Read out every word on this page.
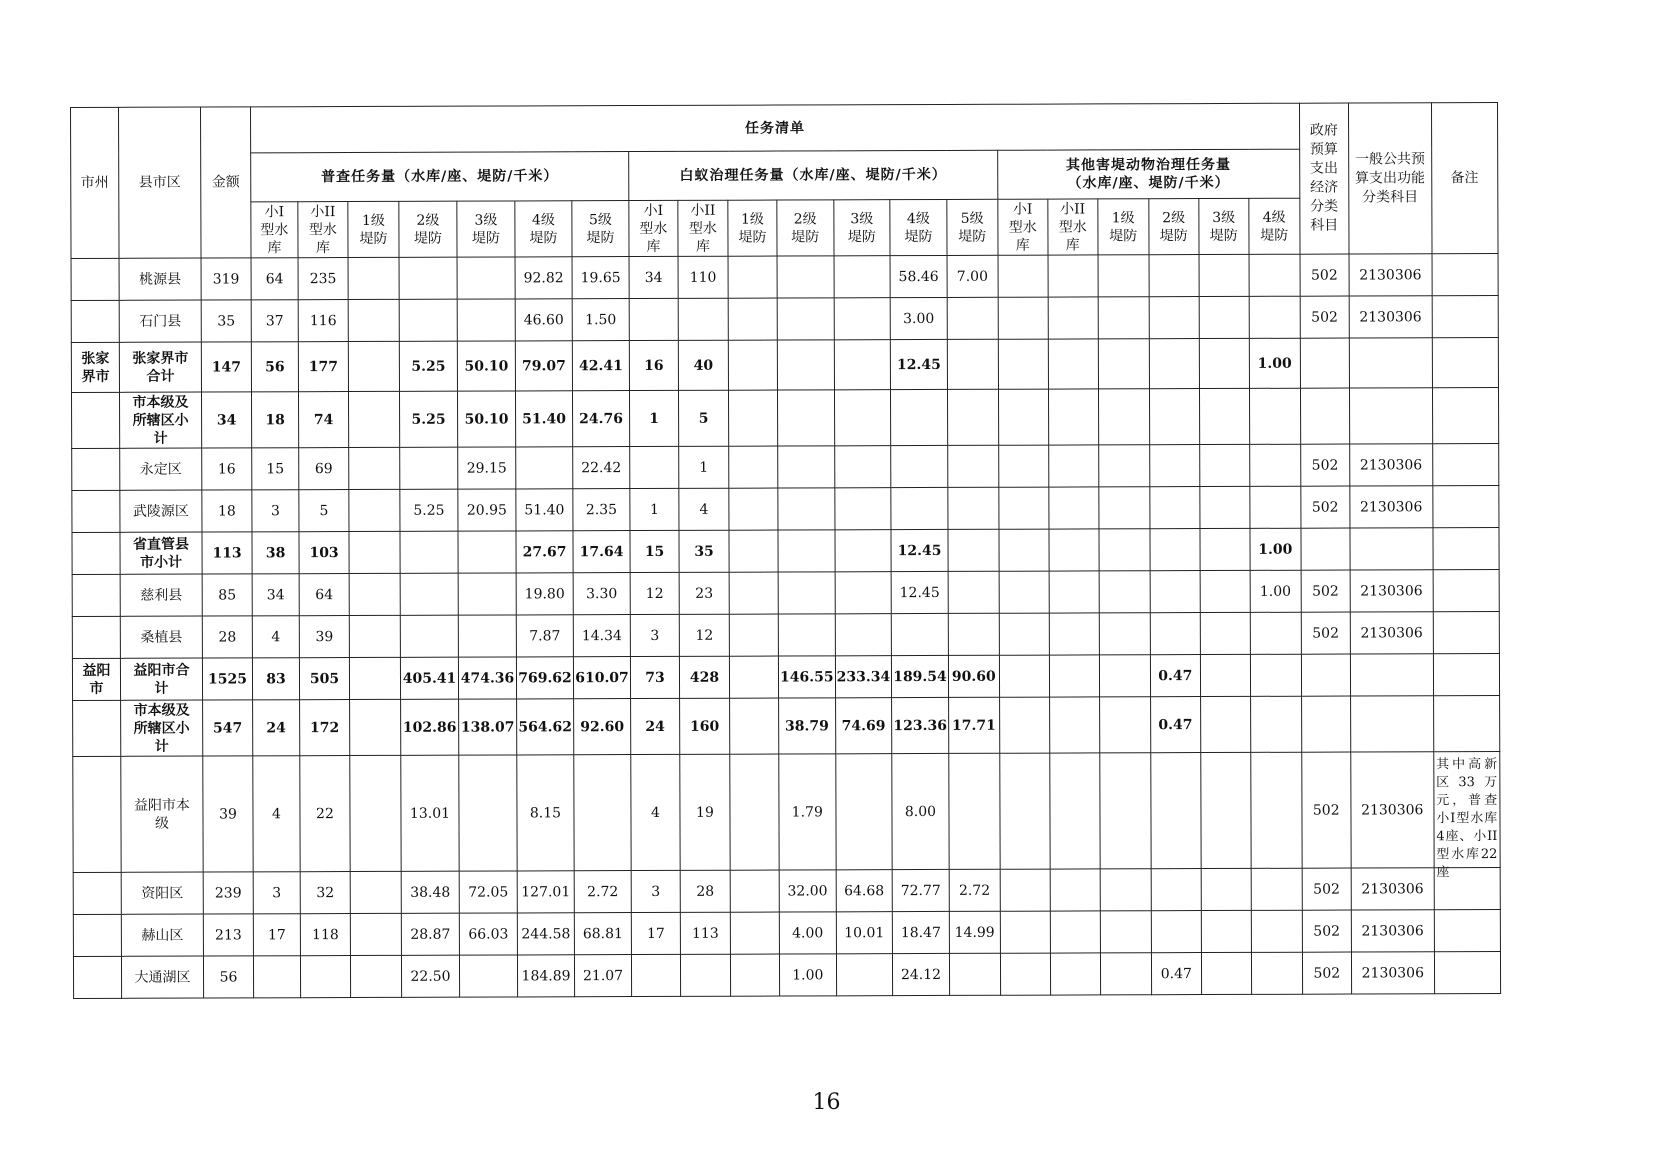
市州	县市区	金额	任务清单																				政府预算支出经济分类科目	一般公共预算支出功能分类科目	备注
			普查任务量（水库/座、堤防/千米）							白蚁治理任务量（水库/座、堤防/千米）							其他害堤动物治理任务量
（水库/座、堤防/千米）								

			小I型水库	小II型水库	1级堤防	2级堤防	3级堤防	4级堤防	5级堤防	小I型水库	小II型水库	1级堤防	2级堤防	3级堤防	4级堤防	5级堤防	小I型水库	小II型水库	1级堤防	2级堤防	3级堤防	4级堤防			

	桃源县	319	64	235				92.82	19.65	34	110				58.46	7.00							502	2130306	

	石门县	35	37	116				46.60	1.50						3.00								502	2130306	

张家界市	张家界市合计	147	56	177		5.25	50.10	79.07	42.41	16	40				12.45							1.00			

	市本级及所辖区小计	34	18	74		5.25	50.10	51.40	24.76	1	5														

	永定区	16	15	69			29.15		22.42		1												502	2130306	

	武陵源区	18	3	5		5.25	20.95	51.40	2.35	1	4												502	2130306	

	省直管县市小计	113	38	103				27.67	17.64	15	35				12.45							1.00			

	慈利县	85	34	64				19.80	3.30	12	23				12.45							1.00	502	2130306	

	桑植县	28	4	39				7.87	14.34	3	12												502	2130306	

益阳市	益阳市合计	1525	83	505		405.41	474.36	769.62	610.07	73	428		146.55	233.34	189.54	90.60				0.47					

	市本级及所辖区小计	547	24	172		102.86	138.07	564.62	92.60	24	160		38.79	74.69	123.36	17.71				0.47					

	益阳市本级	39	4	22		13.01		8.15		4	19		1.79		8.00								502	2130306	其中高新区33万元，普查小I型水库4座、小II型水库22座

	资阳区	239	3	32		38.48	72.05	127.01	2.72	3	28		32.00	64.68	72.77	2.72							502	2130306	

	赫山区	213	17	118		28.87	66.03	244.58	68.81	17	113		4.00	10.01	18.47	14.99							502	2130306	

	大通湖区	56				22.50		184.89	21.07				1.00		24.12					0.47			502	2130306	
16
